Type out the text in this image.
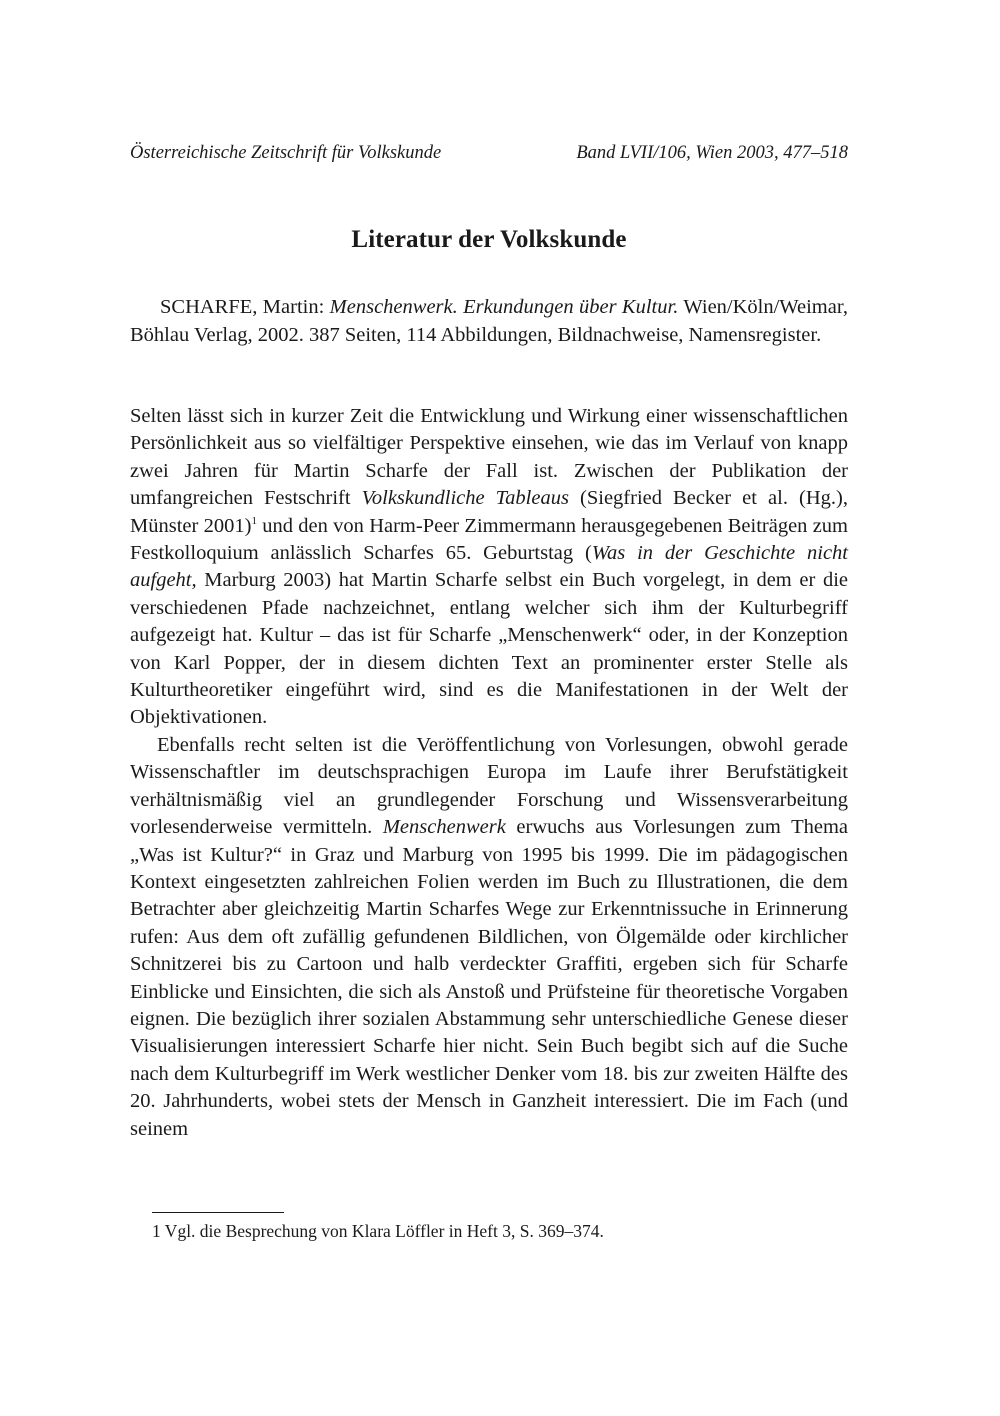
Österreichische Zeitschrift für Volkskunde	Band LVII/106, Wien 2003, 477–518
Literatur der Volkskunde

SCHARFE, Martin: Menschenwerk. Erkundungen über Kultur. Wien/Köln/Weimar, Böhlau Verlag, 2002. 387 Seiten, 114 Abbildungen, Bildnachweise, Namensregister.

Selten lässt sich in kurzer Zeit die Entwicklung und Wirkung einer wissenschaftlichen Persönlichkeit aus so vielfältiger Perspektive einsehen, wie das im Verlauf von knapp zwei Jahren für Martin Scharfe der Fall ist. Zwischen der Publikation der umfangreichen Festschrift Volkskundliche Tableaus (Siegfried Becker et al. (Hg.), Münster 2001)$^1$ und den von Harm-Peer Zimmermann herausgegebenen Beiträgen zum Festkolloquium anlässlich Scharfes 65. Geburtstag (Was in der Geschichte nicht aufgeht, Marburg 2003) hat Martin Scharfe selbst ein Buch vorgelegt, in dem er die verschiedenen Pfade nachzeichnet, entlang welcher sich ihm der Kulturbegriff aufgezeigt hat. Kultur – das ist für Scharfe „Menschenwerk“ oder, in der Konzeption von Karl Popper, der in diesem dichten Text an prominenter erster Stelle als Kulturtheoretiker eingeführt wird, sind es die Manifestationen in der Welt der Objektivationen.

Ebenfalls recht selten ist die Veröffentlichung von Vorlesungen, obwohl gerade Wissenschaftler im deutschsprachigen Europa im Laufe ihrer Berufstätigkeit verhältnismäßig viel an grundlegender Forschung und Wissensverarbeitung vorlesenderweise vermitteln. Menschenwerk erwuchs aus Vorlesungen zum Thema „Was ist Kultur?“ in Graz und Marburg von 1995 bis 1999. Die im pädagogischen Kontext eingesetzten zahlreichen Folien werden im Buch zu Illustrationen, die dem Betrachter aber gleichzeitig Martin Scharfes Wege zur Erkenntnissuche in Erinnerung rufen: Aus dem oft zufällig gefundenen Bildlichen, von Ölgemälde oder kirchlicher Schnitzerei bis zu Cartoon und halb verdeckter Graffiti, ergeben sich für Scharfe Einblicke und Einsichten, die sich als Anstoß und Prüfsteine für theoretische Vorgaben eignen. Die bezüglich ihrer sozialen Abstammung sehr unterschiedliche Genese dieser Visualisierungen interessiert Scharfe hier nicht. Sein Buch begibt sich auf die Suche nach dem Kulturbegriff im Werk westlicher Denker vom 18. bis zur zweiten Hälfte des 20. Jahrhunderts, wobei stets der Mensch in Ganzheit interessiert. Die im Fach (und seinem

1 Vgl. die Besprechung von Klara Löffler in Heft 3, S. 369–374.
